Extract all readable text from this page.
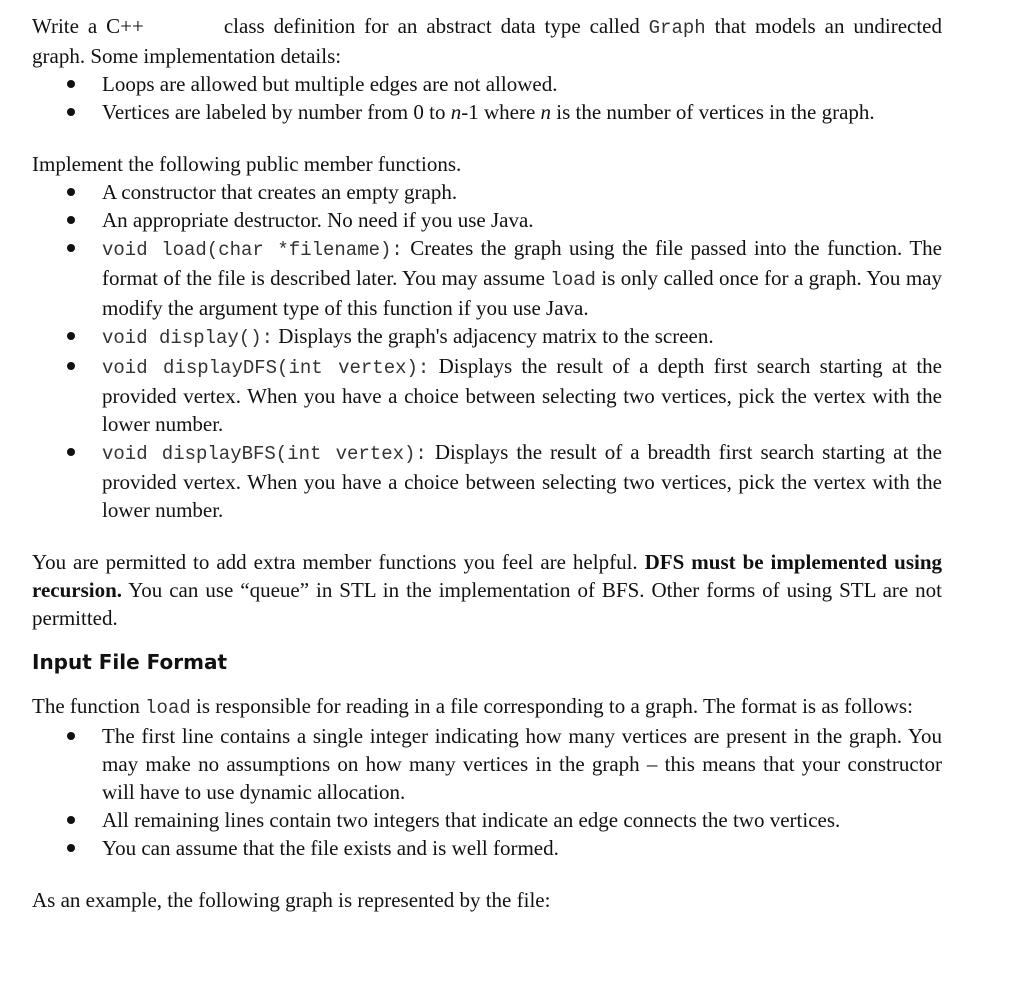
Write a C++	class definition for an abstract data type called Graph that models an undirected graph. Some implementation details:

Loops are allowed but multiple edges are not allowed.
Vertices are labeled by number from 0 to n-1 where n is the number of vertices in the graph.

Implement the following public member functions.

A constructor that creates an empty graph.
An appropriate destructor. No need if you use Java.
void load(char *filename): Creates the graph using the file passed into the function. The format of the file is described later. You may assume load is only called once for a graph. You may modify the argument type of this function if you use Java.
void display(): Displays the graph's adjacency matrix to the screen.
void displayDFS(int vertex): Displays the result of a depth first search starting at the provided vertex. When you have a choice between selecting two vertices, pick the vertex with the lower number.
void displayBFS(int vertex): Displays the result of a breadth first search starting at the provided vertex. When you have a choice between selecting two vertices, pick the vertex with the lower number.

You are permitted to add extra member functions you feel are helpful. DFS must be implemented using recursion. You can use “queue” in STL in the implementation of BFS. Other forms of using STL are not permitted.

Input File Format

The function load is responsible for reading in a file corresponding to a graph. The format is as follows:

The first line contains a single integer indicating how many vertices are present in the graph. You may make no assumptions on how many vertices in the graph – this means that your constructor will have to use dynamic allocation.
All remaining lines contain two integers that indicate an edge connects the two vertices.
You can assume that the file exists and is well formed.

As an example, the following graph is represented by the file:
